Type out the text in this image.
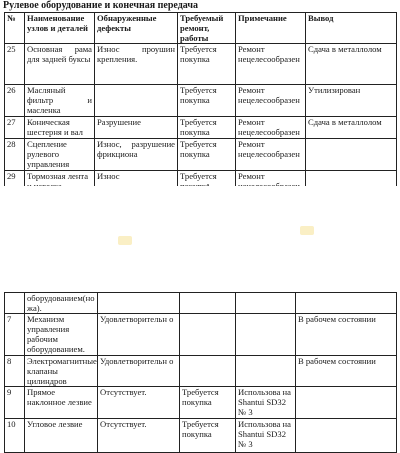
Рулевое оборудование и конечная передача
№	Наименование узлов и деталей	Обнаруженные дефекты	Требуемый ремонт, работы	Примечание	Вывод
25	Основная рама для задней буксы	Износ проушин крепления.	Требуется покупка	Ремонт нецелесообразен	Сдача в металлолом
26	Масляный фильтр и масленка		Требуется покупка	Ремонт нецелесообразен	Утилизирован
27	Коническая шестерня и вал	Разрушение	Требуется покупка	Ремонт нецелесообразен	Сдача в металлолом
28	Сцепление рулевого управления	Износ, разрушение фрикциона	Требуется покупка	Ремонт нецелесообразен	
29	Тормозная лента	Износ	Требуется	Ремонт	
	оборудованием(но жа).				
7	Механизм управления рабочим оборудованием.	Удовлетворительн о			В рабочем состоянии
8	Электромагнитные клапаны цилиндров	Удовлетворительн о			В рабочем состоянии
9	Прямое наклонное лезвие	Отсутствует.	Требуется покупка	Использова на Shantui SD32 № 3	
10	Угловое лезвие	Отсутствует.	Требуется покупка	Использова на Shantui SD32 № 3	
